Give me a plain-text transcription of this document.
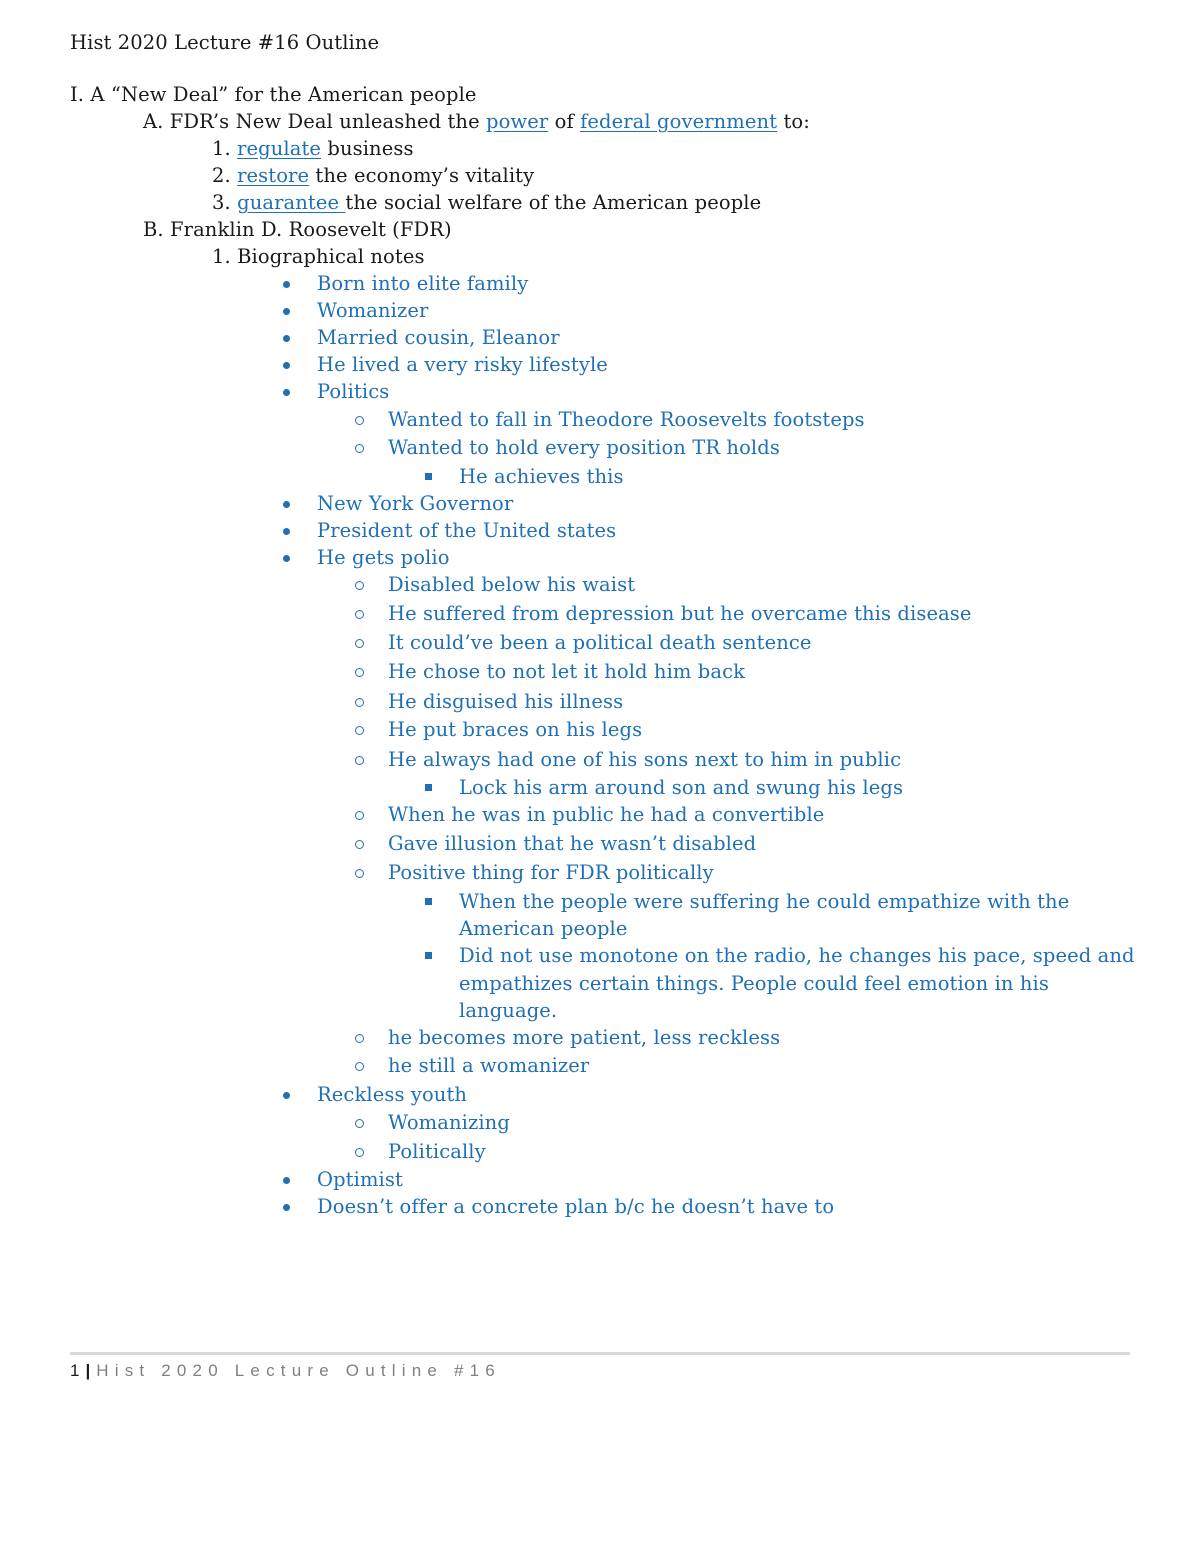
Hist 2020 Lecture #16 Outline
I. A “New Deal” for the American people
A. FDR’s New Deal unleashed the power of federal government to:
1. regulate business
2. restore the economy’s vitality
3. guarantee the social welfare of the American people
B. Franklin D. Roosevelt (FDR)
1. Biographical notes
Born into elite family
Womanizer
Married cousin, Eleanor
He lived a very risky lifestyle
Politics
Wanted to fall in Theodore Roosevelts footsteps
Wanted to hold every position TR holds
He achieves this
New York Governor
President of the United states
He gets polio
Disabled below his waist
He suffered from depression but he overcame this disease
It could’ve been a political death sentence
He chose to not let it hold him back
He disguised his illness
He put braces on his legs
He always had one of his sons next to him in public
Lock his arm around son and swung his legs
When he was in public he had a convertible
Gave illusion that he wasn’t disabled
Positive thing for FDR politically
When the people were suffering he could empathize with the
American people
Did not use monotone on the radio, he changes his pace, speed and
empathizes certain things. People could feel emotion in his
language.
he becomes more patient, less reckless
he still a womanizer
Reckless youth
Womanizing
Politically
Optimist
Doesn’t offer a concrete plan b/c he doesn’t have to
1 | Hist 2020 Lecture Outline #16
